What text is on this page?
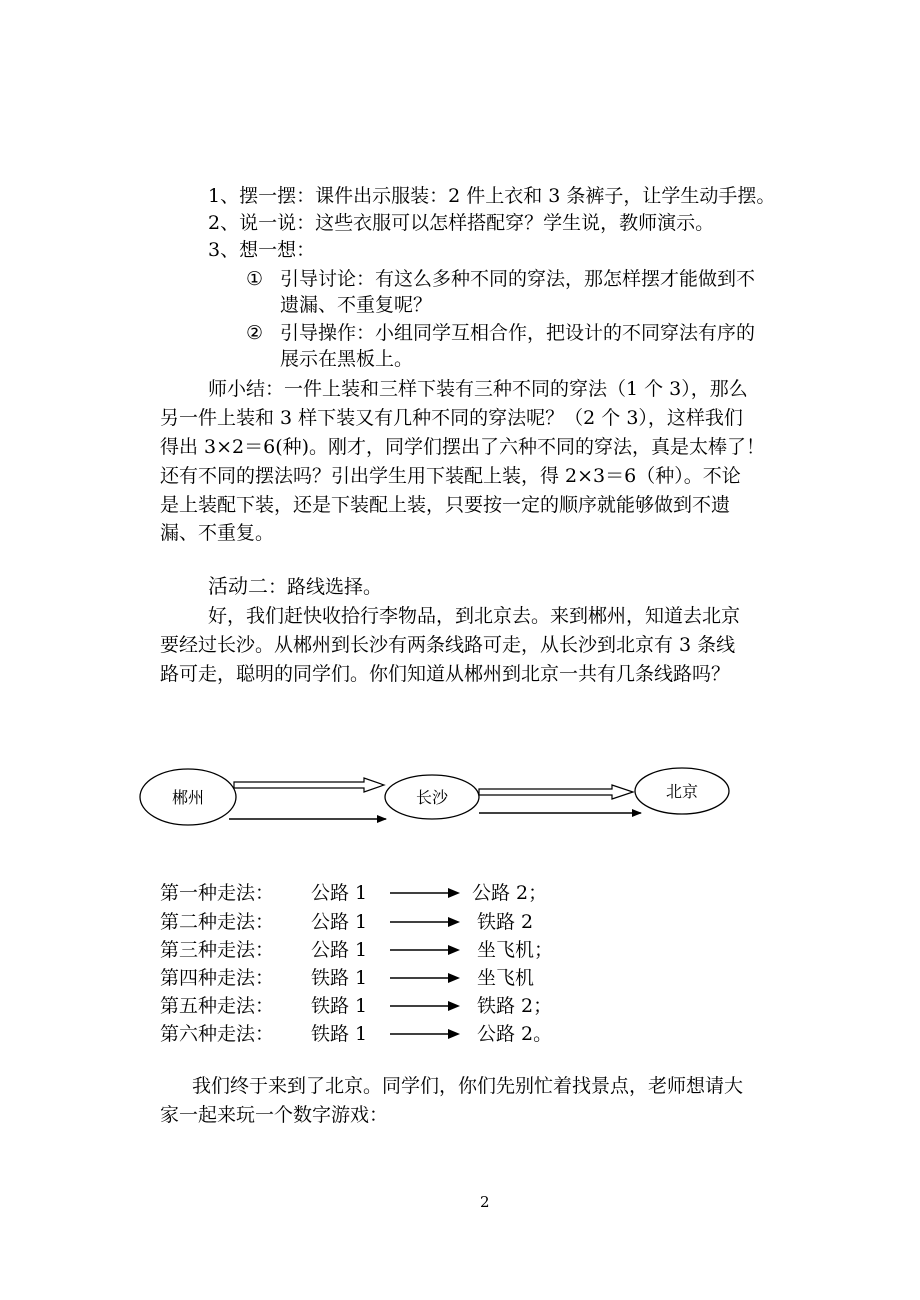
1、摆一摆：课件出示服装：2 件上衣和 3 条裤子，让学生动手摆。
2、说一说：这些衣服可以怎样搭配穿？学生说，教师演示。
3、想一想：
① 引导讨论：有这么多种不同的穿法，那怎样摆才能做到不
遗漏、不重复呢？
② 引导操作：小组同学互相合作，把设计的不同穿法有序的
展示在黑板上。
师小结：一件上装和三样下装有三种不同的穿法（1 个 3），那么
另一件上装和 3 样下装又有几种不同的穿法呢？（2 个 3），这样我们
得出 3×2＝6(种)。刚才，同学们摆出了六种不同的穿法，真是太棒了！
还有不同的摆法吗？引出学生用下装配上装，得 2×3＝6（种）。不论
是上装配下装，还是下装配上装，只要按一定的顺序就能够做到不遗
漏、不重复。
活动二：路线选择。
好，我们赶快收拾行李物品，到北京去。来到郴州，知道去北京
要经过长沙。从郴州到长沙有两条线路可走，从长沙到北京有 3 条线
路可走，聪明的同学们。你们知道从郴州到北京一共有几条线路吗？
郴州	长沙	北京
第一种走法： 公路 1	公路 2；
第二种走法： 公路 1	铁路 2
第三种走法： 公路 1	坐飞机；
第四种走法： 铁路 1	坐飞机
第五种走法： 铁路 1	铁路 2；
第六种走法： 铁路 1	公路 2。
我们终于来到了北京。同学们，你们先别忙着找景点，老师想请大
家一起来玩一个数字游戏：
2
